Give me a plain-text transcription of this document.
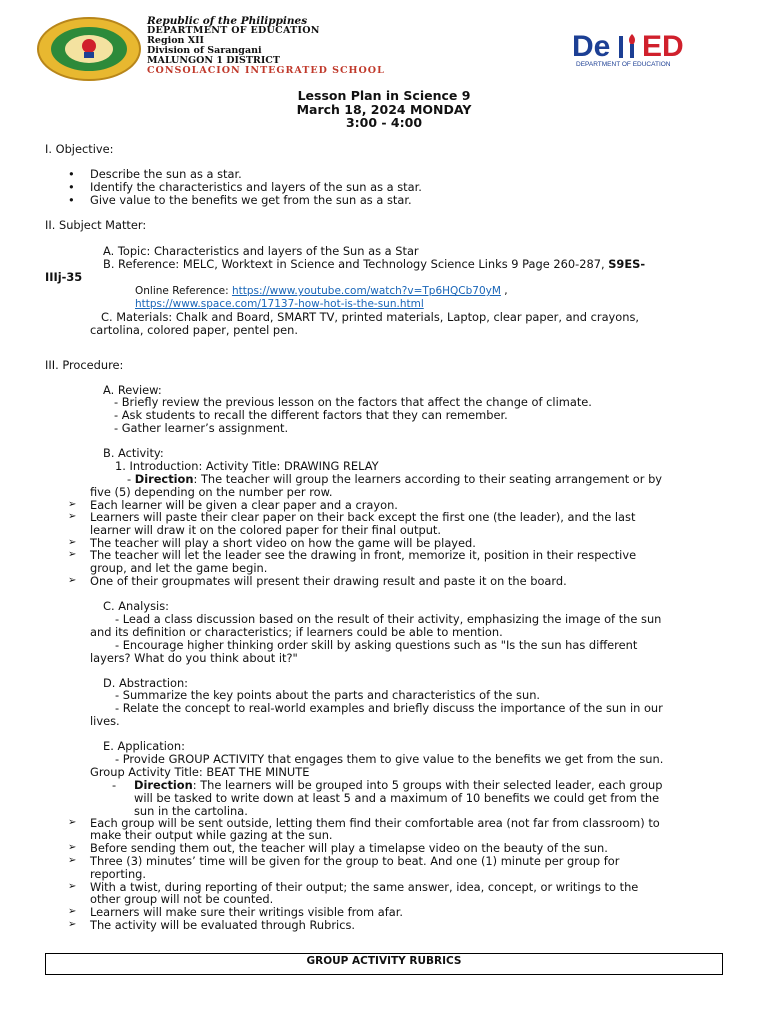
Republic of the Philippines
DEPARTMENT OF EDUCATION
Region XII
Division of Sarangani
MALUNGON 1 DISTRICT
CONSOLACION INTEGRATED SCHOOL
De ED
DEPARTMENT OF EDUCATION
Lesson Plan in Science 9
March 18, 2024 MONDAY
3:00 - 4:00
I. Objective:
• Describe the sun as a star.
• Identify the characteristics and layers of the sun as a star.
• Give value to the benefits we get from the sun as a star.
II. Subject Matter:
A. Topic: Characteristics and layers of the Sun as a Star
B. Reference: MELC, Worktext in Science and Technology Science Links 9 Page 260-287, S9ES-
IIIj-35
Online Reference: https://www.youtube.com/watch?v=Tp6HQCb70yM ,
https://www.space.com/17137-how-hot-is-the-sun.html
C. Materials: Chalk and Board, SMART TV, printed materials, Laptop, clear paper, and crayons,
cartolina, colored paper, pentel pen.
III. Procedure:
A. Review:
- Briefly review the previous lesson on the factors that affect the change of climate.
- Ask students to recall the different factors that they can remember.
- Gather learner’s assignment.
B. Activity:
1. Introduction: Activity Title: DRAWING RELAY
- Direction: The teacher will group the learners according to their seating arrangement or by
five (5) depending on the number per row.
➢ Each learner will be given a clear paper and a crayon.
➢ Learners will paste their clear paper on their back except the first one (the leader), and the last
learner will draw it on the colored paper for their final output.
➢ The teacher will play a short video on how the game will be played.
➢ The teacher will let the leader see the drawing in front, memorize it, position in their respective
group, and let the game begin.
➢ One of their groupmates will present their drawing result and paste it on the board.
C. Analysis:
- Lead a class discussion based on the result of their activity, emphasizing the image of the sun
and its definition or characteristics; if learners could be able to mention.
- Encourage higher thinking order skill by asking questions such as "Is the sun has different
layers? What do you think about it?"
D. Abstraction:
- Summarize the key points about the parts and characteristics of the sun.
- Relate the concept to real-world examples and briefly discuss the importance of the sun in our
lives.
E. Application:
- Provide GROUP ACTIVITY that engages them to give value to the benefits we get from the sun.
Group Activity Title: BEAT THE MINUTE
- Direction: The learners will be grouped into 5 groups with their selected leader, each group
will be tasked to write down at least 5 and a maximum of 10 benefits we could get from the
sun in the cartolina.
➢ Each group will be sent outside, letting them find their comfortable area (not far from classroom) to
make their output while gazing at the sun.
➢ Before sending them out, the teacher will play a timelapse video on the beauty of the sun.
➢ Three (3) minutes’ time will be given for the group to beat. And one (1) minute per group for
reporting.
➢ With a twist, during reporting of their output; the same answer, idea, concept, or writings to the
other group will not be counted.
➢ Learners will make sure their writings visible from afar.
➢ The activity will be evaluated through Rubrics.
GROUP ACTIVITY RUBRICS
